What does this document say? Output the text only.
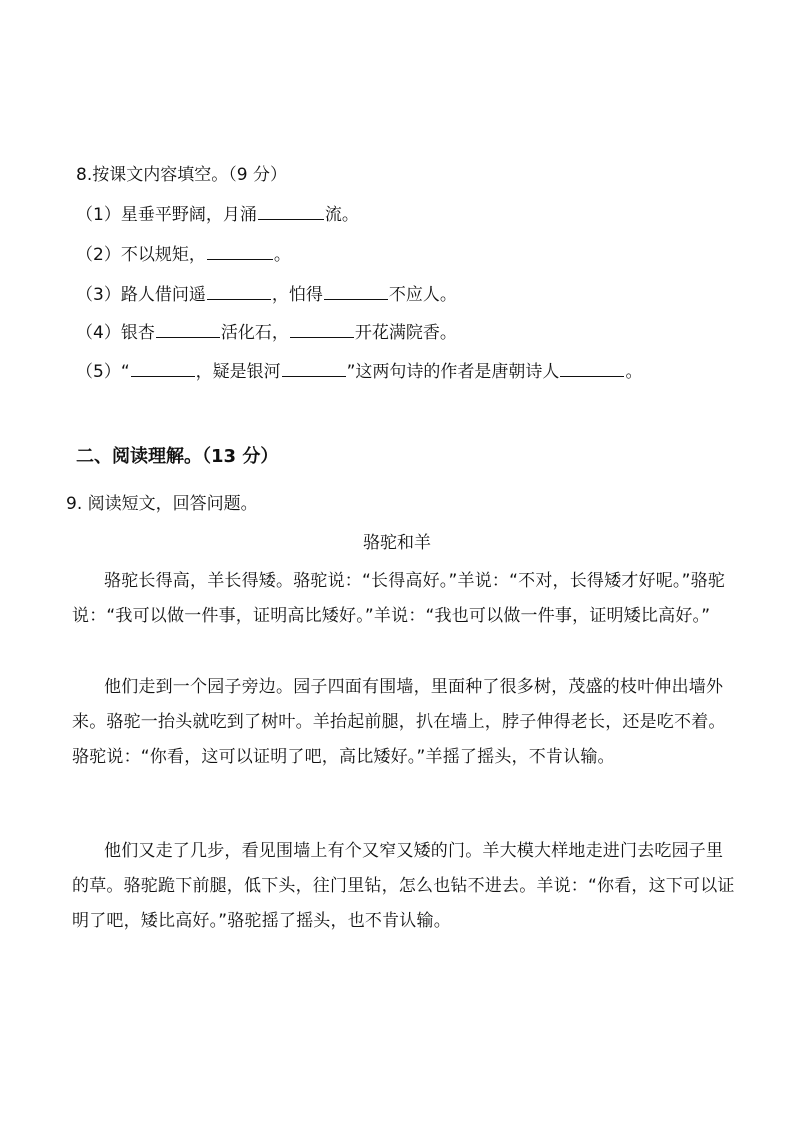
8.按课文内容填空。（9 分）
（1）星垂平野阔，月涌	流。
（2）不以规矩，	。
（3）路人借问遥	，怕得	不应人。
（4）银杏	活化石，	开花满院香。
（5）“	，疑是银河	”这两句诗的作者是唐朝诗人	。
二、阅读理解。（13 分）
9. 阅读短文，回答问题。
骆驼和羊
骆驼长得高，羊长得矮。骆驼说：“长得高好。”羊说：“不对，长得矮才好呢。”骆驼说：“我可以做一件事，证明高比矮好。”羊说：“我也可以做一件事，证明矮比高好。”
他们走到一个园子旁边。园子四面有围墙，里面种了很多树，茂盛的枝叶伸出墙外来。骆驼一抬头就吃到了树叶。羊抬起前腿，扒在墙上，脖子伸得老长，还是吃不着。骆驼说：“你看，这可以证明了吧，高比矮好。”羊摇了摇头，不肯认输。
他们又走了几步，看见围墙上有个又窄又矮的门。羊大模大样地走进门去吃园子里的草。骆驼跪下前腿，低下头，往门里钻，怎么也钻不进去。羊说：“你看，这下可以证明了吧，矮比高好。”骆驼摇了摇头，也不肯认输。
